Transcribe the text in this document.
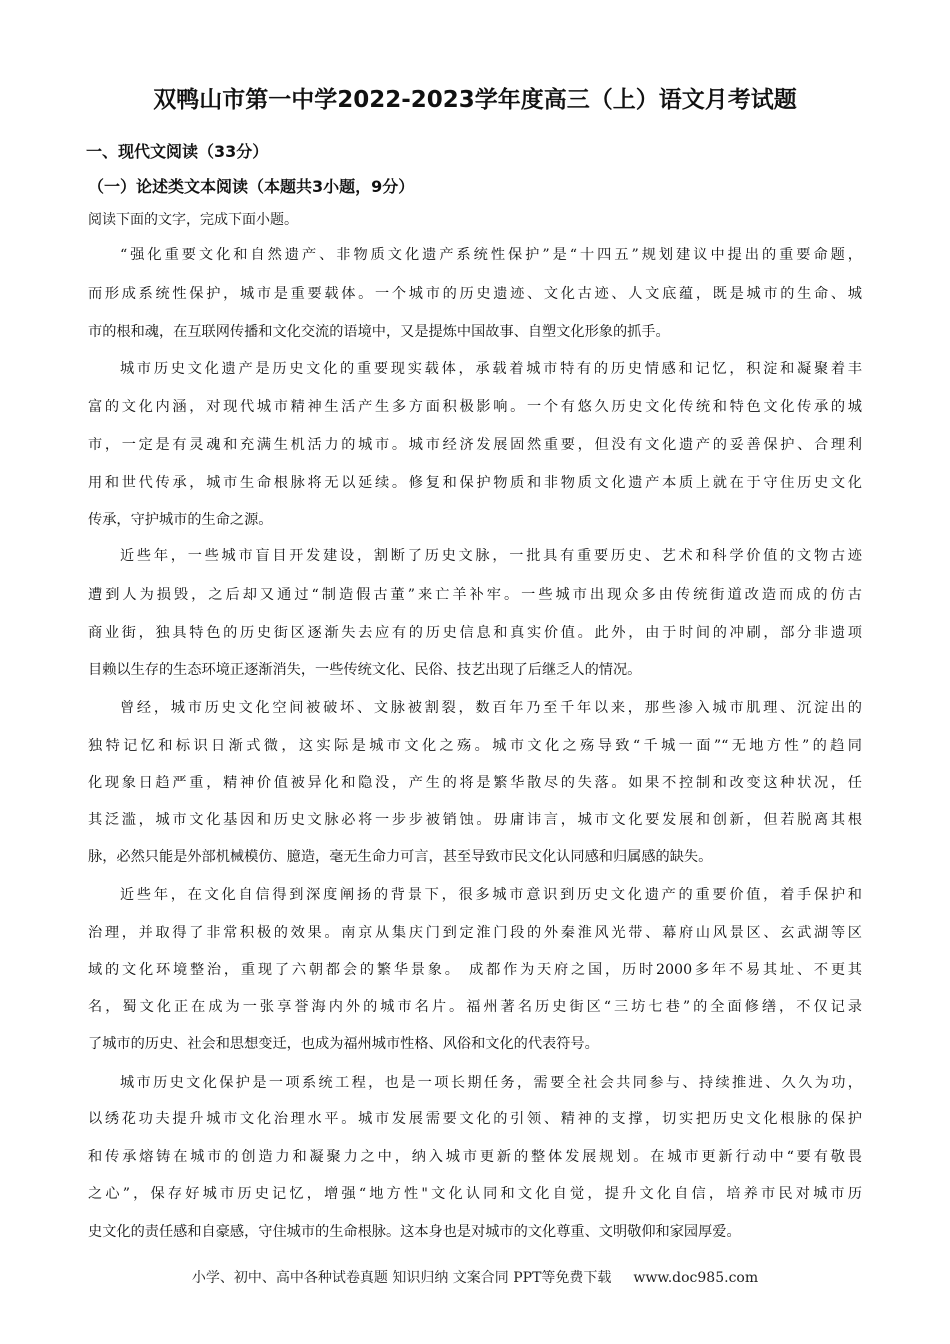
双鸭山市第一中学2022-2023学年度高三（上）语文月考试题
一、现代文阅读（33分）
（一）论述类文本阅读（本题共3小题，9分）
阅读下面的文字，完成下面小题。
“强化重要文化和自然遗产、非物质文化遗产系统性保护”是“十四五”规划建议中提出的重要命题，
而形成系统性保护，城市是重要载体。一个城市的历史遗迹、文化古迹、人文底蕴，既是城市的生命、城
市的根和魂，在互联网传播和文化交流的语境中，又是提炼中国故事、自塑文化形象的抓手。
城市历史文化遗产是历史文化的重要现实载体，承载着城市特有的历史情感和记忆，积淀和凝聚着丰
富的文化内涵，对现代城市精神生活产生多方面积极影响。一个有悠久历史文化传统和特色文化传承的城
市，一定是有灵魂和充满生机活力的城市。城市经济发展固然重要，但没有文化遗产的妥善保护、合理利
用和世代传承，城市生命根脉将无以延续。修复和保护物质和非物质文化遗产本质上就在于守住历史文化
传承，守护城市的生命之源。
近些年，一些城市盲目开发建设，割断了历史文脉，一批具有重要历史、艺术和科学价值的文物古迹
遭到人为损毁，之后却又通过“制造假古董”来亡羊补牢。一些城市出现众多由传统街道改造而成的仿古
商业街，独具特色的历史街区逐渐失去应有的历史信息和真实价值。此外，由于时间的冲刷，部分非遗项
目赖以生存的生态环境正逐渐消失，一些传统文化、民俗、技艺出现了后继乏人的情况。
曾经，城市历史文化空间被破坏、文脉被割裂，数百年乃至千年以来，那些渗入城市肌理、沉淀出的
独特记忆和标识日渐式微，这实际是城市文化之殇。城市文化之殇导致“千城一面”“无地方性”的趋同
化现象日趋严重，精神价值被异化和隐没，产生的将是繁华散尽的失落。如果不控制和改变这种状况，任
其泛滥，城市文化基因和历史文脉必将一步步被销蚀。毋庸讳言，城市文化要发展和创新，但若脱离其根
脉，必然只能是外部机械模仿、臆造，毫无生命力可言，甚至导致市民文化认同感和归属感的缺失。
近些年，在文化自信得到深度阐扬的背景下，很多城市意识到历史文化遗产的重要价值，着手保护和
治理，并取得了非常积极的效果。南京从集庆门到定淮门段的外秦淮风光带、幕府山风景区、玄武湖等区
域的文化环境整治，重现了六朝都会的繁华景象。 成都作为天府之国，历时2000多年不易其址、不更其
名，蜀文化正在成为一张享誉海内外的城市名片。福州著名历史街区“三坊七巷”的全面修缮，不仅记录
了城市的历史、社会和思想变迁，也成为福州城市性格、风俗和文化的代表符号。
城市历史文化保护是一项系统工程，也是一项长期任务，需要全社会共同参与、持续推进、久久为功，
以绣花功夫提升城市文化治理水平。城市发展需要文化的引领、精神的支撑，切实把历史文化根脉的保护
和传承熔铸在城市的创造力和凝聚力之中，纳入城市更新的整体发展规划。在城市更新行动中“要有敬畏
之心”，保存好城市历史记忆，增强“地方性"文化认同和文化自觉，提升文化自信，培养市民对城市历
史文化的责任感和自豪感，守住城市的生命根脉。这本身也是对城市的文化尊重、文明敬仰和家园厚爱。
小学、初中、高中各种试卷真题 知识归纳 文案合同 PPT等免费下载 www.doc985.com
